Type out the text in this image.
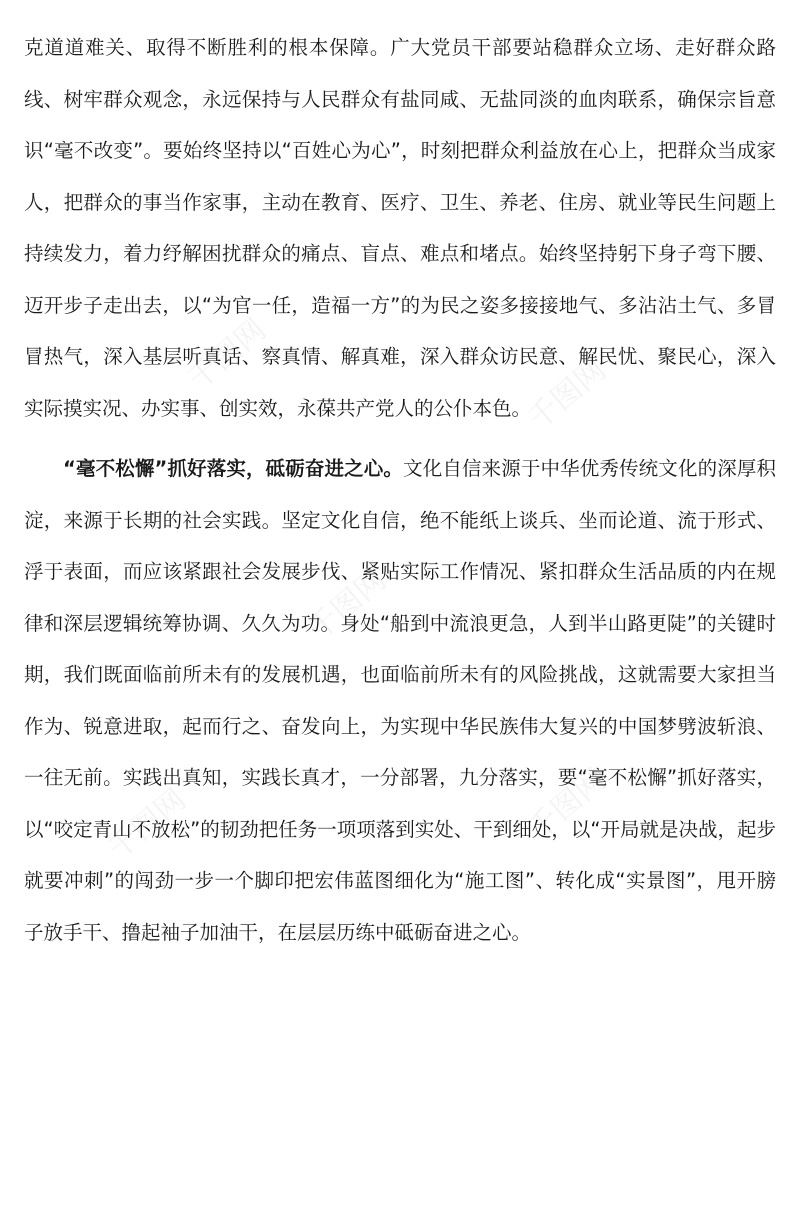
千图网	千图网
千图网
千图网	千图网

克道道难关、取得不断胜利的根本保障。广大党员干部要站稳群众立场、走好群众路线、树牢群众观念，永远保持与人民群众有盐同咸、无盐同淡的血肉联系，确保宗旨意识“毫不改变”。要始终坚持以“百姓心为心”，时刻把群众利益放在心上，把群众当成家人，把群众的事当作家事，主动在教育、医疗、卫生、养老、住房、就业等民生问题上持续发力，着力纾解困扰群众的痛点、盲点、难点和堵点。始终坚持躬下身子弯下腰、迈开步子走出去，以“为官一任，造福一方”的为民之姿多接接地气、多沾沾土气、多冒冒热气，深入基层听真话、察真情、解真难，深入群众访民意、解民忧、聚民心，深入实际摸实况、办实事、创实效，永葆共产党人的公仆本色。

“毫不松懈”抓好落实，砥砺奋进之心。文化自信来源于中华优秀传统文化的深厚积淀，来源于长期的社会实践。坚定文化自信，绝不能纸上谈兵、坐而论道、流于形式、浮于表面，而应该紧跟社会发展步伐、紧贴实际工作情况、紧扣群众生活品质的内在规律和深层逻辑统筹协调、久久为功。身处“船到中流浪更急，人到半山路更陡”的关键时期，我们既面临前所未有的发展机遇，也面临前所未有的风险挑战，这就需要大家担当作为、锐意进取，起而行之、奋发向上，为实现中华民族伟大复兴的中国梦劈波斩浪、一往无前。实践出真知，实践长真才，一分部署，九分落实，要“毫不松懈”抓好落实，以“咬定青山不放松”的韧劲把任务一项项落到实处、干到细处，以“开局就是决战，起步就要冲刺”的闯劲一步一个脚印把宏伟蓝图细化为“施工图”、转化成“实景图”，甩开膀子放手干、撸起袖子加油干，在层层历练中砥砺奋进之心。
